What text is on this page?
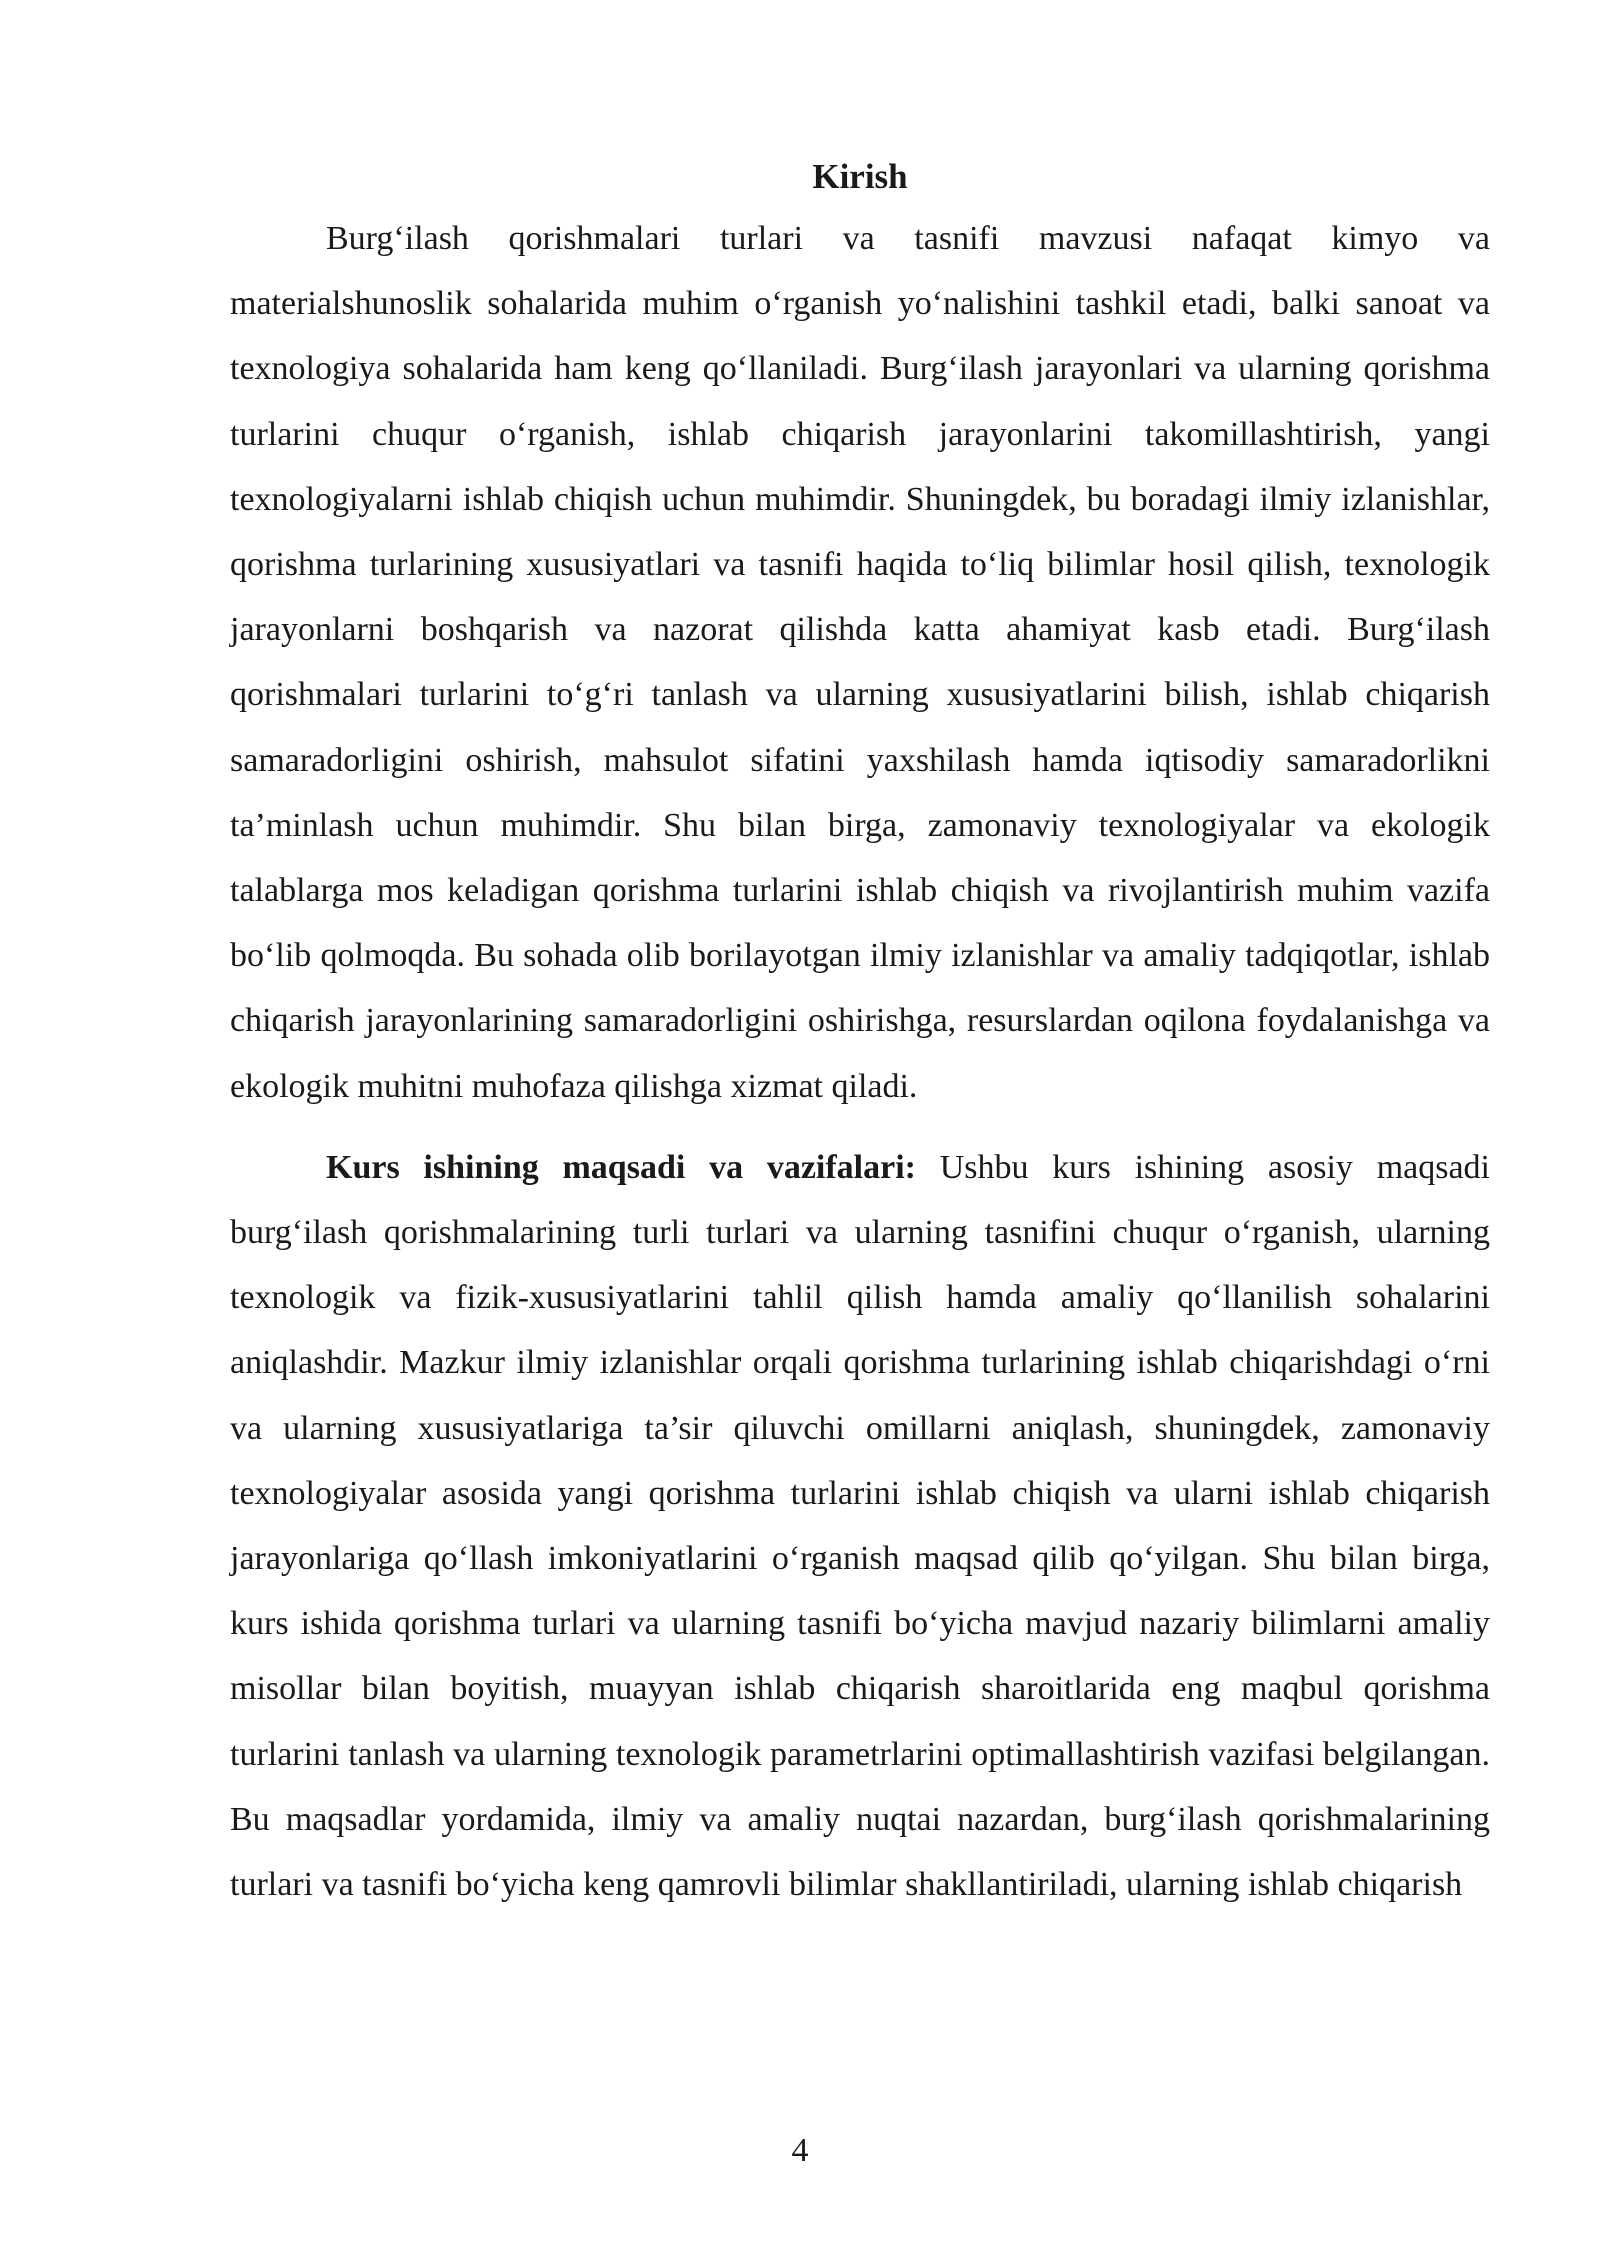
Kirish

Burg‘ilash qorishmalari turlari va tasnifi mavzusi nafaqat kimyo va materialshunoslik sohalarida muhim o‘rganish yo‘nalishini tashkil etadi, balki sanoat va texnologiya sohalarida ham keng qo‘llaniladi. Burg‘ilash jarayonlari va ularning qorishma turlarini chuqur o‘rganish, ishlab chiqarish jarayonlarini takomillashtirish, yangi texnologiyalarni ishlab chiqish uchun muhimdir. Shuningdek, bu boradagi ilmiy izlanishlar, qorishma turlarining xususiyatlari va tasnifi haqida to‘liq bilimlar hosil qilish, texnologik jarayonlarni boshqarish va nazorat qilishda katta ahamiyat kasb etadi. Burg‘ilash qorishmalari turlarini to‘g‘ri tanlash va ularning xususiyatlarini bilish, ishlab chiqarish samaradorligini oshirish, mahsulot sifatini yaxshilash hamda iqtisodiy samaradorlikni ta’minlash uchun muhimdir. Shu bilan birga, zamonaviy texnologiyalar va ekologik talablarga mos keladigan qorishma turlarini ishlab chiqish va rivojlantirish muhim vazifa bo‘lib qolmoqda. Bu sohada olib borilayotgan ilmiy izlanishlar va amaliy tadqiqotlar, ishlab chiqarish jarayonlarining samaradorligini oshirishga, resurslardan oqilona foydalanishga va ekologik muhitni muhofaza qilishga xizmat qiladi.

Kurs ishining maqsadi va vazifalari: Ushbu kurs ishining asosiy maqsadi burg‘ilash qorishmalarining turli turlari va ularning tasnifini chuqur o‘rganish, ularning texnologik va fizik-xususiyatlarini tahlil qilish hamda amaliy qo‘llanilish sohalarini aniqlashdir. Mazkur ilmiy izlanishlar orqali qorishma turlarining ishlab chiqarishdagi o‘rni va ularning xususiyatlariga ta’sir qiluvchi omillarni aniqlash, shuningdek, zamonaviy texnologiyalar asosida yangi qorishma turlarini ishlab chiqish va ularni ishlab chiqarish jarayonlariga qo‘llash imkoniyatlarini o‘rganish maqsad qilib qo‘yilgan. Shu bilan birga, kurs ishida qorishma turlari va ularning tasnifi bo‘yicha mavjud nazariy bilimlarni amaliy misollar bilan boyitish, muayyan ishlab chiqarish sharoitlarida eng maqbul qorishma turlarini tanlash va ularning texnologik parametrlarini optimallashtirish vazifasi belgilangan. Bu maqsadlar yordamida, ilmiy va amaliy nuqtai nazardan, burg‘ilash qorishmalarining turlari va tasnifi bo‘yicha keng qamrovli bilimlar shakllantiriladi, ularning ishlab chiqarish

4
